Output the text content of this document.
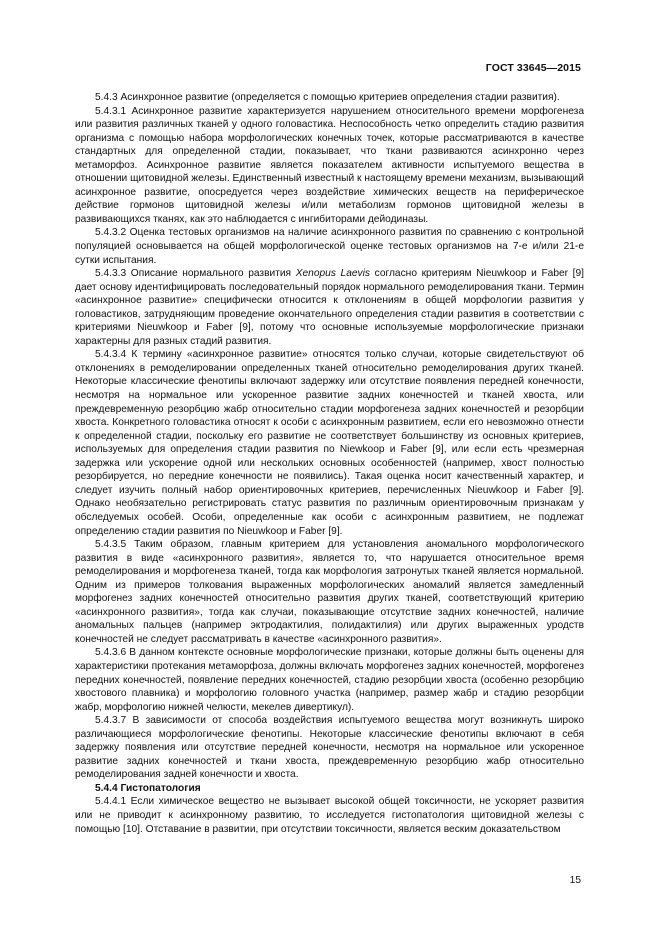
ГОСТ 33645—2015

5.4.3 Асинхронное развитие (определяется с помощью критериев определения стадии развития).

5.4.3.1 Асинхронное развитие характеризуется нарушением относительного времени морфогенеза или развития различных тканей у одного головастика. Неспособность четко определить стадию развития организма с помощью набора морфологических конечных точек, которые рассматриваются в качестве стандартных для определенной стадии, показывает, что ткани развиваются асинхронно через метаморфоз. Асинхронное развитие является показателем активности испытуемого вещества в отношении щитовидной железы. Единственный известный к настоящему времени механизм, вызывающий асинхронное развитие, опосредуется через воздействие химических веществ на периферическое действие гормонов щитовидной железы и/или метаболизм гормонов щитовидной железы в развивающихся тканях, как это наблюдается с ингибиторами дейодиназы.

5.4.3.2 Оценка тестовых организмов на наличие асинхронного развития по сравнению с контрольной популяцией основывается на общей морфологической оценке тестовых организмов на 7-е и/или 21-е сутки испытания.

5.4.3.3 Описание нормального развития Xenopus Laevis согласно критериям Nieuwkoop и Faber [9] дает основу идентифицировать последовательный порядок нормального ремоделирования ткани. Термин «асинхронное развитие» специфически относится к отклонениям в общей морфологии развития у головастиков, затрудняющим проведение окончательного определения стадии развития в соответствии с критериями Nieuwkoop и Faber [9], потому что основные используемые морфологические признаки характерны для разных стадий развития.

5.4.3.4 К термину «асинхронное развитие» относятся только случаи, которые свидетельствуют об отклонениях в ремоделировании определенных тканей относительно ремоделирования других тканей. Некоторые классические фенотипы включают задержку или отсутствие появления передней конечности, несмотря на нормальное или ускоренное развитие задних конечностей и тканей хвоста, или преждевременную резорбцию жабр относительно стадии морфогенеза задних конечностей и резорбции хвоста. Конкретного головастика относят к особи с асинхронным развитием, если его невозможно отнести к определенной стадии, поскольку его развитие не соответствует большинству из основных критериев, используемых для определения стадии развития по Niewkoop и Faber [9], или если есть чрезмерная задержка или ускорение одной или нескольких основных особенностей (например, хвост полностью резорбируется, но передние конечности не появились). Такая оценка носит качественный характер, и следует изучить полный набор ориентировочных критериев, перечисленных Nieuwkoop и Faber [9]. Однако необязательно регистрировать статус развития по различным ориентировочным признакам у обследуемых особей. Особи, определенные как особи с асинхронным развитием, не подлежат определению стадии развития по Nieuwkoop и Faber [9].

5.4.3.5 Таким образом, главным критерием для установления аномального морфологического развития в виде «асинхронного развития», является то, что нарушается относительное время ремоделирования и морфогенеза тканей, тогда как морфология затронутых тканей является нормальной. Одним из примеров толкования выраженных морфологических аномалий является замедленный морфогенез задних конечностей относительно развития других тканей, соответствующий критерию «асинхронного развития», тогда как случаи, показывающие отсутствие задних конечностей, наличие аномальных пальцев (например эктродактилия, полидактилия) или других выраженных уродств конечностей не следует рассматривать в качестве «асинхронного развития».

5.4.3.6 В данном контексте основные морфологические признаки, которые должны быть оценены для характеристики протекания метаморфоза, должны включать морфогенез задних конечностей, морфогенез передних конечностей, появление передних конечностей, стадию резорбции хвоста (особенно резорбцию хвостового плавника) и морфологию головного участка (например, размер жабр и стадию резорбции жабр, морфологию нижней челюсти, мекелев дивертикул).

5.4.3.7 В зависимости от способа воздействия испытуемого вещества могут возникнуть широко различающиеся морфологические фенотипы. Некоторые классические фенотипы включают в себя задержку появления или отсутствие передней конечности, несмотря на нормальное или ускоренное развитие задних конечностей и ткани хвоста, преждевременную резорбцию жабр относительно ремоделирования задней конечности и хвоста.

5.4.4 Гистопатология

5.4.4.1 Если химическое вещество не вызывает высокой общей токсичности, не ускоряет развития или не приводит к асинхронному развитию, то исследуется гистопатология щитовидной железы с помощью [10]. Отставание в развитии, при отсутствии токсичности, является веским доказательством

15
